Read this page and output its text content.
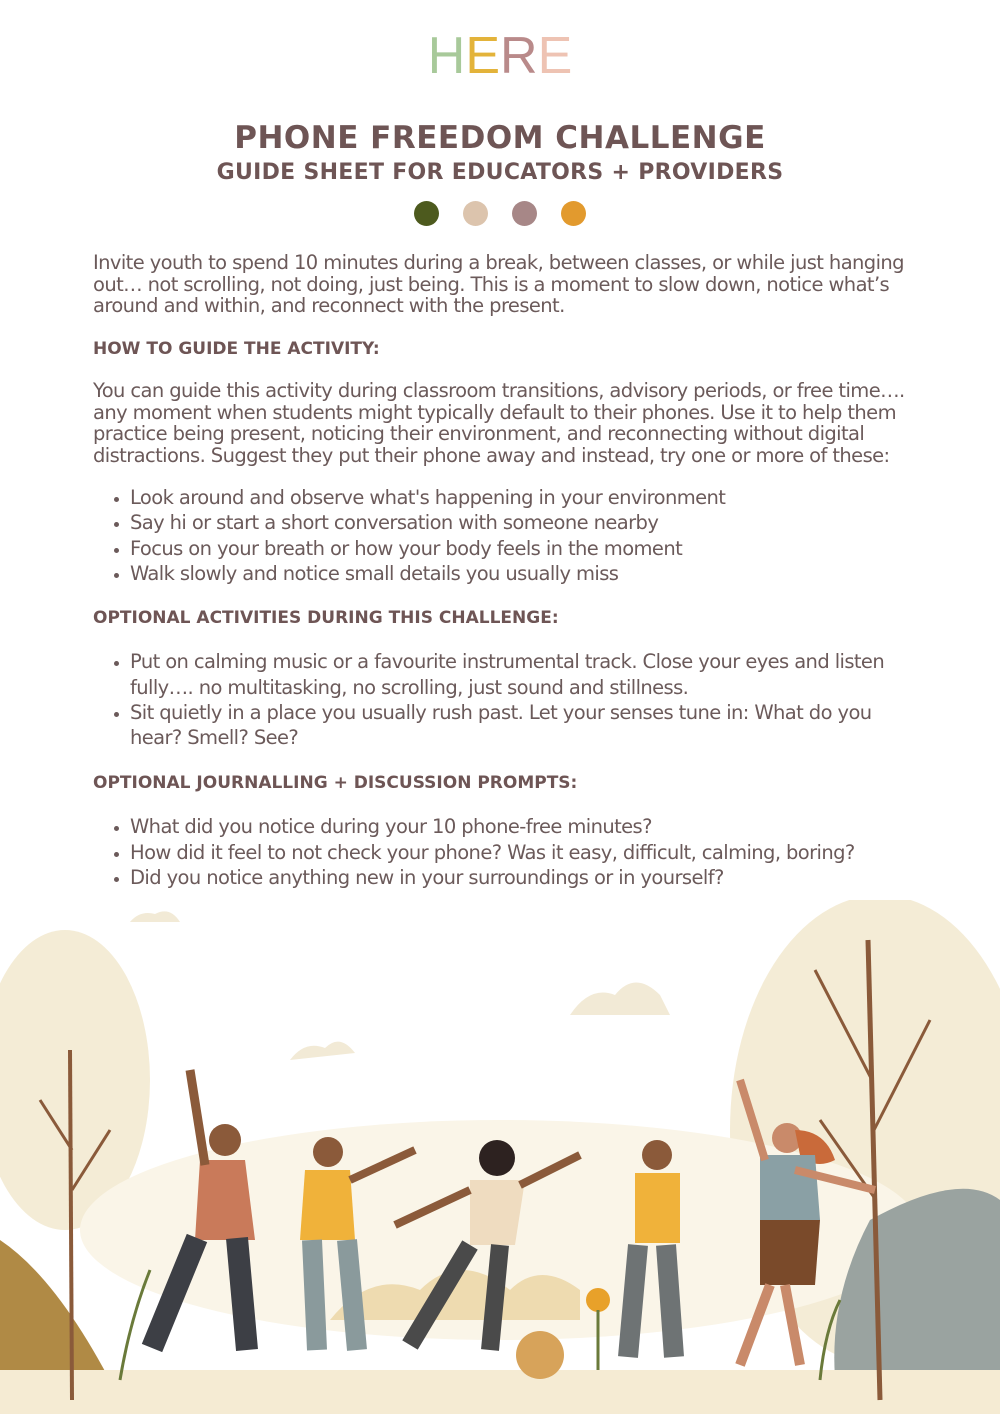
HERE
PHONE FREEDOM CHALLENGE
GUIDE SHEET FOR EDUCATORS + PROVIDERS

Invite youth to spend 10 minutes during a break, between classes, or while just hanging out… not scrolling, not doing, just being. This is a moment to slow down, notice what’s around and within, and reconnect with the present.

HOW TO GUIDE THE ACTIVITY:

You can guide this activity during classroom transitions, advisory periods, or free time…. any moment when students might typically default to their phones. Use it to help them practice being present, noticing their environment, and reconnecting without digital distractions. Suggest they put their phone away and instead, try one or more of these:

• Look around and observe what's happening in your environment
• Say hi or start a short conversation with someone nearby
• Focus on your breath or how your body feels in the moment
• Walk slowly and notice small details you usually miss

OPTIONAL ACTIVITIES DURING THIS CHALLENGE:

• Put on calming music or a favourite instrumental track. Close your eyes and listen fully…. no multitasking, no scrolling, just sound and stillness.
• Sit quietly in a place you usually rush past. Let your senses tune in: What do you hear? Smell? See?

OPTIONAL JOURNALLING + DISCUSSION PROMPTS:

• What did you notice during your 10 phone-free minutes?
• How did it feel to not check your phone? Was it easy, difficult, calming, boring?
• Did you notice anything new in your surroundings or in yourself?
